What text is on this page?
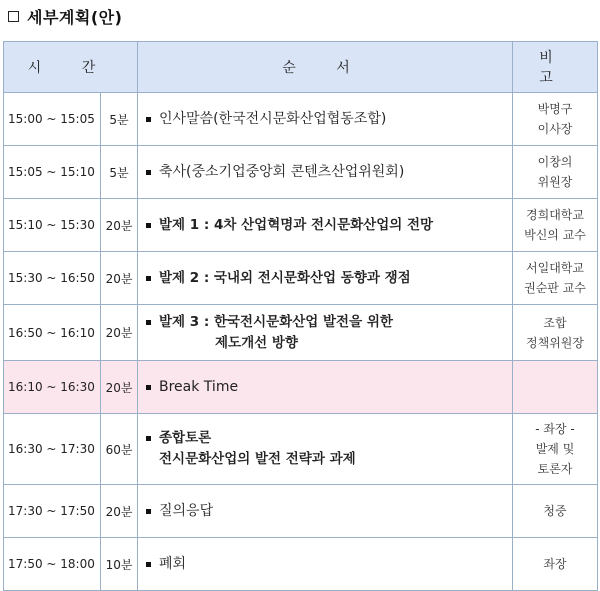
세부계획(안)
시 간		순 서	비 고
15:00 ~ 15:05	5분	인사말씀(한국전시문화산업협동조합)	박명구
이사장

15:05 ~ 15:10	5분	축사(중소기업중앙회 콘텐츠산업위원회)	이창의
위원장

15:10 ~ 15:30	20분	발제 1 : 4차 산업혁명과 전시문화산업의 전망	경희대학교
박신의 교수

15:30 ~ 16:50	20분	발제 2 : 국내외 전시문화산업 동향과 쟁점	서일대학교
권순판 교수

16:50 ~ 16:10	20분	발제 3 : 한국전시문화산업 발전을 위한
제도개선 방향	조합
정책위원장

16:10 ~ 16:30	20분	Break Time	

16:30 ~ 17:30	60분	종합토론
전시문화산업의 발전 전략과 과제	- 좌장 -
발제 및
토론자

17:30 ~ 17:50	20분	질의응답	청중

17:50 ~ 18:00	10분	폐회	좌장
